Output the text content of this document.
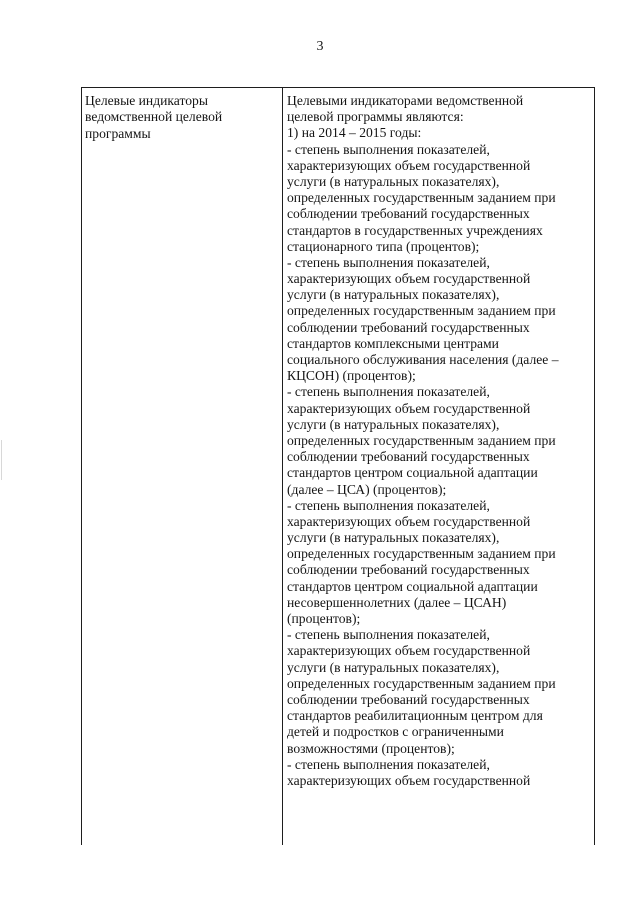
3
Целевые индикаторы
ведомственной целевой
программы
Целевыми индикаторами ведомственной
целевой программы являются:
1) на 2014 – 2015 годы:
- степень выполнения показателей,
характеризующих объем государственной
услуги (в натуральных показателях),
определенных государственным заданием при
соблюдении требований государственных
стандартов в государственных учреждениях
стационарного типа (процентов);
- степень выполнения показателей,
характеризующих объем государственной
услуги (в натуральных показателях),
определенных государственным заданием при
соблюдении требований государственных
стандартов комплексными центрами
социального обслуживания населения (далее –
КЦСОН) (процентов);
- степень выполнения показателей,
характеризующих объем государственной
услуги (в натуральных показателях),
определенных государственным заданием при
соблюдении требований государственных
стандартов центром социальной адаптации
(далее – ЦСА) (процентов);
- степень выполнения показателей,
характеризующих объем государственной
услуги (в натуральных показателях),
определенных государственным заданием при
соблюдении требований государственных
стандартов центром социальной адаптации
несовершеннолетних (далее – ЦСАН)
(процентов);
- степень выполнения показателей,
характеризующих объем государственной
услуги (в натуральных показателях),
определенных государственным заданием при
соблюдении требований государственных
стандартов реабилитационным центром для
детей и подростков с ограниченными
возможностями (процентов);
- степень выполнения показателей,
характеризующих объем государственной
